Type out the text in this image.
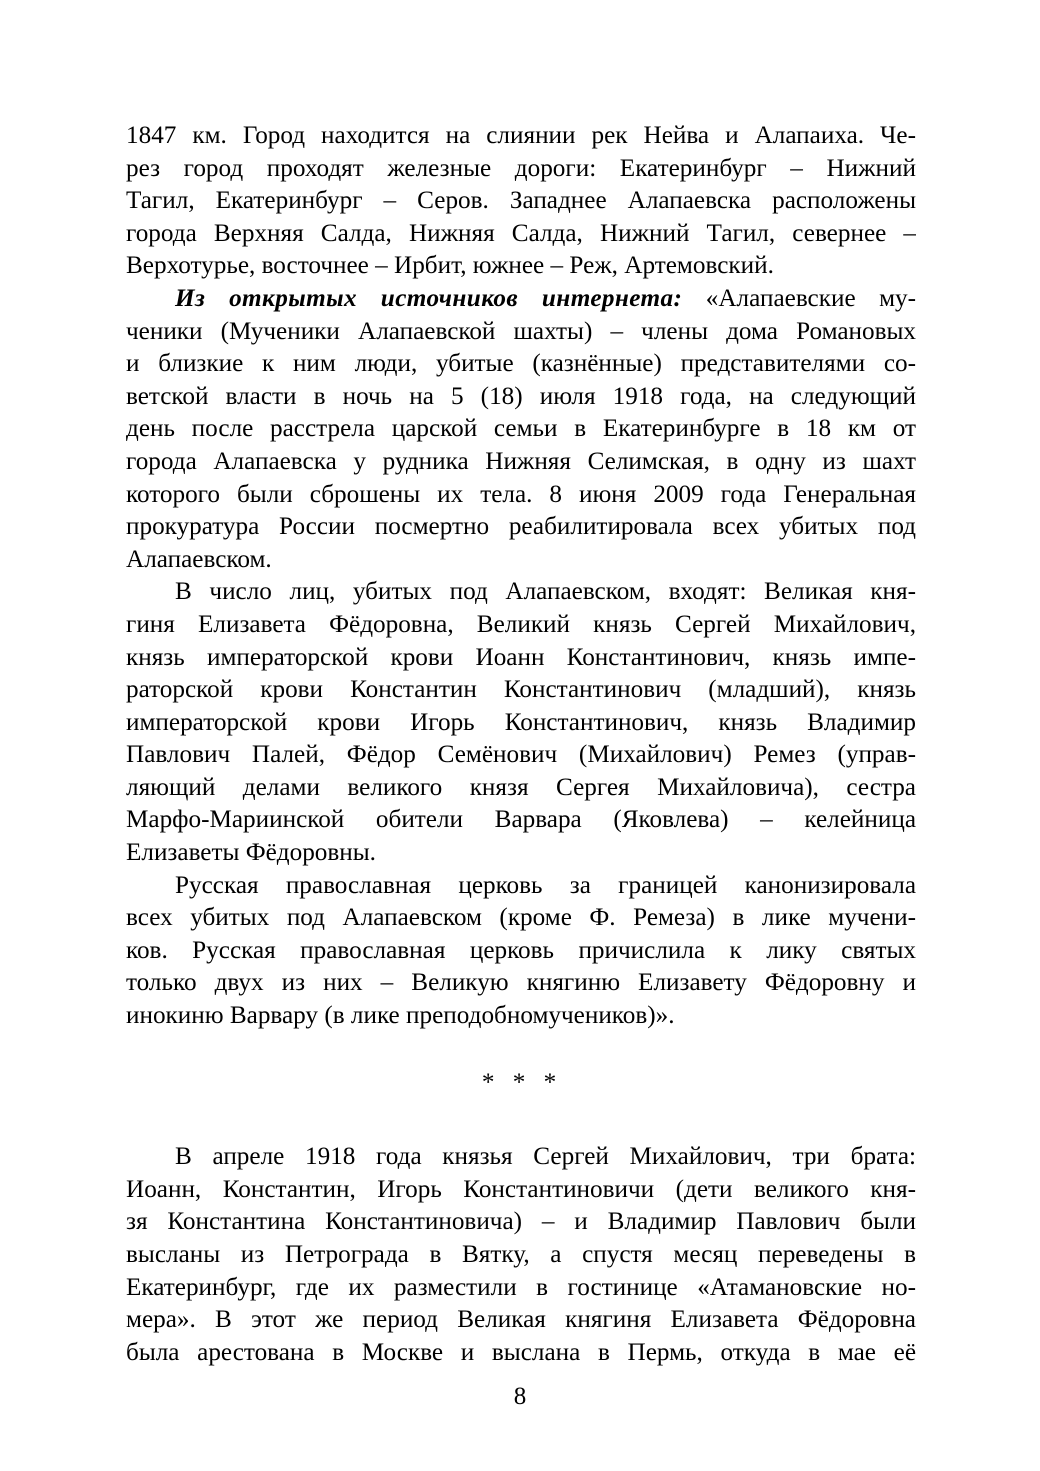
1847 км. Город находится на слиянии рек Нейва и Алапаиха. Че-
рез город проходят железные дороги: Екатеринбург – Нижний
Тагил, Екатеринбург – Серов. Западнее Алапаевска расположены
города Верхняя Салда, Нижняя Салда, Нижний Тагил, севернее –
Верхотурье, восточнее – Ирбит, южнее – Реж, Артемовский.
Из открытых источников интернета: «Алапаевские му-
ченики (Мученики Алапаевской шахты) – члены дома Романовых
и близкие к ним люди, убитые (казнённые) представителями со-
ветской власти в ночь на 5 (18) июля 1918 года, на следующий
день после расстрела царской семьи в Екатеринбурге в 18 км от
города Алапаевска у рудника Нижняя Селимская, в одну из шахт
которого были сброшены их тела. 8 июня 2009 года Генеральная
прокуратура России посмертно реабилитировала всех убитых под
Алапаевском.
В число лиц, убитых под Алапаевском, входят: Великая кня-
гиня Елизавета Фёдоровна, Великий князь Сергей Михайлович,
князь императорской крови Иоанн Константинович, князь импе-
раторской крови Константин Константинович (младший), князь
императорской крови Игорь Константинович, князь Владимир
Павлович Палей, Фёдор Семёнович (Михайлович) Ремез (управ-
ляющий делами великого князя Сергея Михайловича), сестра
Марфо-Мариинской обители Варвара (Яковлева) – келейница
Елизаветы Фёдоровны.
Русская православная церковь за границей канонизировала
всех убитых под Алапаевском (кроме Ф. Ремеза) в лике мучени-
ков. Русская православная церковь причислила к лику святых
только двух из них – Великую княгиню Елизавету Фёдоровну и
инокиню Варвару (в лике преподобномучеников)».
* * *
В апреле 1918 года князья Сергей Михайлович, три брата:
Иоанн, Константин, Игорь Константиновичи (дети великого кня-
зя Константина Константиновича) – и Владимир Павлович были
высланы из Петрограда в Вятку, а спустя месяц переведены в
Екатеринбург, где их разместили в гостинице «Атамановские но-
мера». В этот же период Великая княгиня Елизавета Фёдоровна
была арестована в Москве и выслана в Пермь, откуда в мае её
8
